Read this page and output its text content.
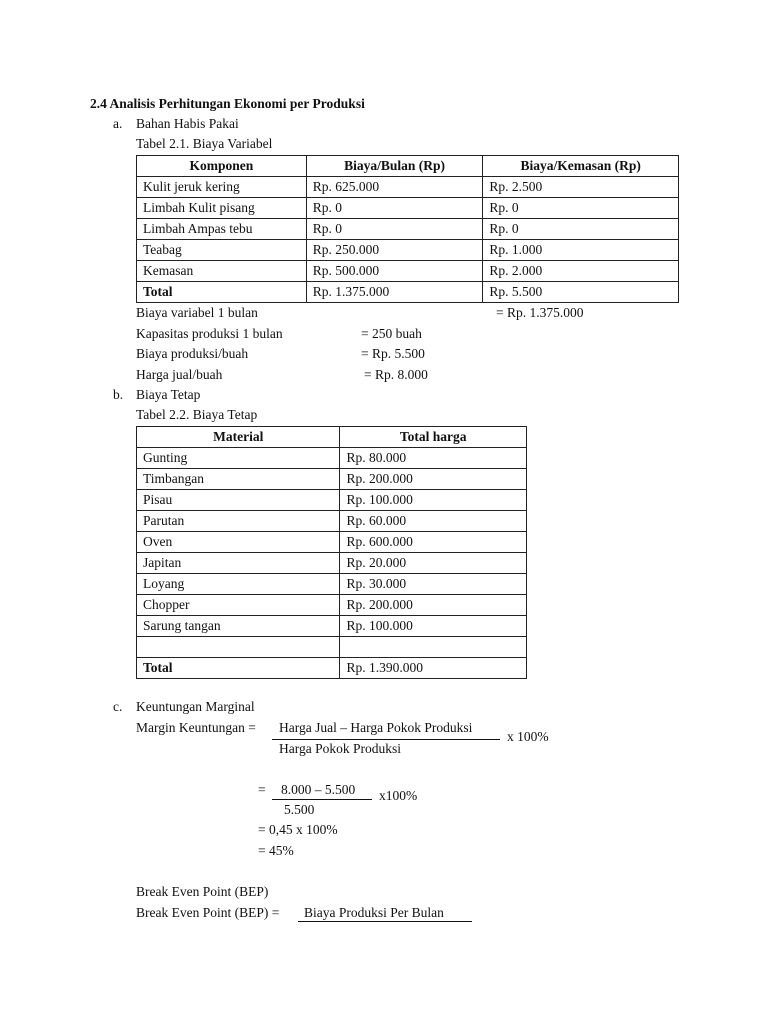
2.4 Analisis Perhitungan Ekonomi per Produksi
a. Bahan Habis Pakai
Tabel 2.1. Biaya Variabel
Komponen	Biaya/Bulan (Rp)	Biaya/Kemasan (Rp)
Kulit jeruk kering	Rp. 625.000	Rp. 2.500
Limbah Kulit pisang	Rp. 0	Rp. 0
Limbah Ampas tebu	Rp. 0	Rp. 0
Teabag	Rp. 250.000	Rp. 1.000
Kemasan	Rp. 500.000	Rp. 2.000
Total	Rp. 1.375.000	Rp. 5.500
Biaya variabel 1 bulan	= Rp. 1.375.000
Kapasitas produksi 1 bulan	= 250 buah
Biaya produksi/buah	= Rp. 5.500
Harga jual/buah	= Rp. 8.000
b. Biaya Tetap
Tabel 2.2. Biaya Tetap
Material	Total harga
Gunting	Rp. 80.000
Timbangan	Rp. 200.000
Pisau	Rp. 100.000
Parutan	Rp. 60.000
Oven	Rp. 600.000
Japitan	Rp. 20.000
Loyang	Rp. 30.000
Chopper	Rp. 200.000
Sarung tangan	Rp. 100.000

Total	Rp. 1.390.000
c. Keuntungan Marginal
Margin Keuntungan = Harga Jual – Harga Pokok Produksi
Harga Pokok Produksi
x 100%
= 8.000 – 5.500
5.500
x100%
= 0,45 x 100%
= 45%
Break Even Point (BEP)
Break Even Point (BEP) = Biaya Produksi Per Bulan
